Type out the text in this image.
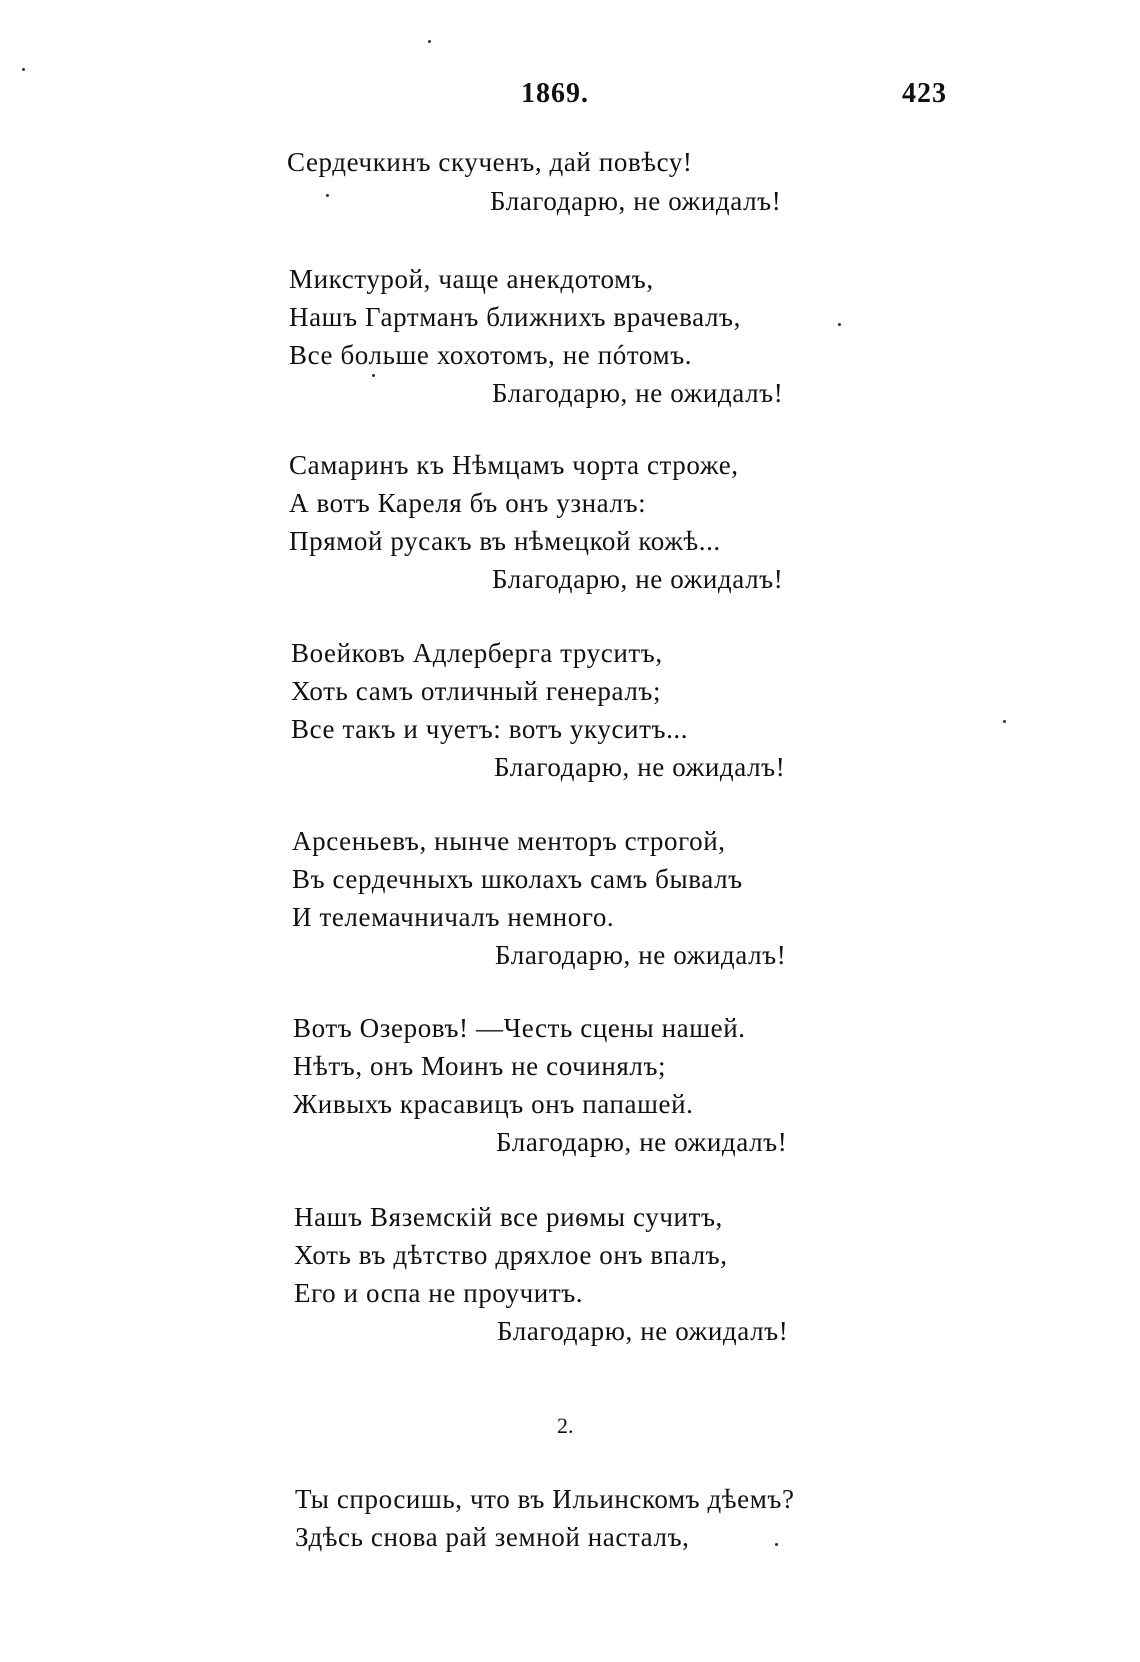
1869.	423
Сердечкинъ скученъ, дай повѣсу!
Благодарю, не ожидалъ!
Микстурой, чаще анекдотомъ,
Нашъ Гартманъ ближнихъ врачевалъ,
Все больше хохотомъ, не пóтомъ.
Благодарю, не ожидалъ!
Самаринъ къ Нѣмцамъ чорта строже,
А вотъ Кареля бъ онъ узналъ:
Прямой русакъ въ нѣмецкой кожѣ...
Благодарю, не ожидалъ!
Воейковъ Адлерберга труситъ,
Хоть самъ отличный генералъ;
Все такъ и чуетъ: вотъ укуситъ...
Благодарю, не ожидалъ!
Арсеньевъ, нынче менторъ строгой,
Въ сердечныхъ школахъ самъ бывалъ
И телемачничалъ немного.
Благодарю, не ожидалъ!
Вотъ Озеровъ! —Честь сцены нашей.
Нѣтъ, онъ Моинъ не сочинялъ;
Живыхъ красавицъ онъ папашей.
Благодарю, не ожидалъ!
Нашъ Вяземскій все риѳмы сучитъ,
Хоть въ дѣтство дряхлое онъ впалъ,
Его и оспа не проучитъ.
Благодарю, не ожидалъ!
2.
Ты спросишь, что въ Ильинскомъ дѣемъ?
Здѣсь снова рай земной насталъ,
